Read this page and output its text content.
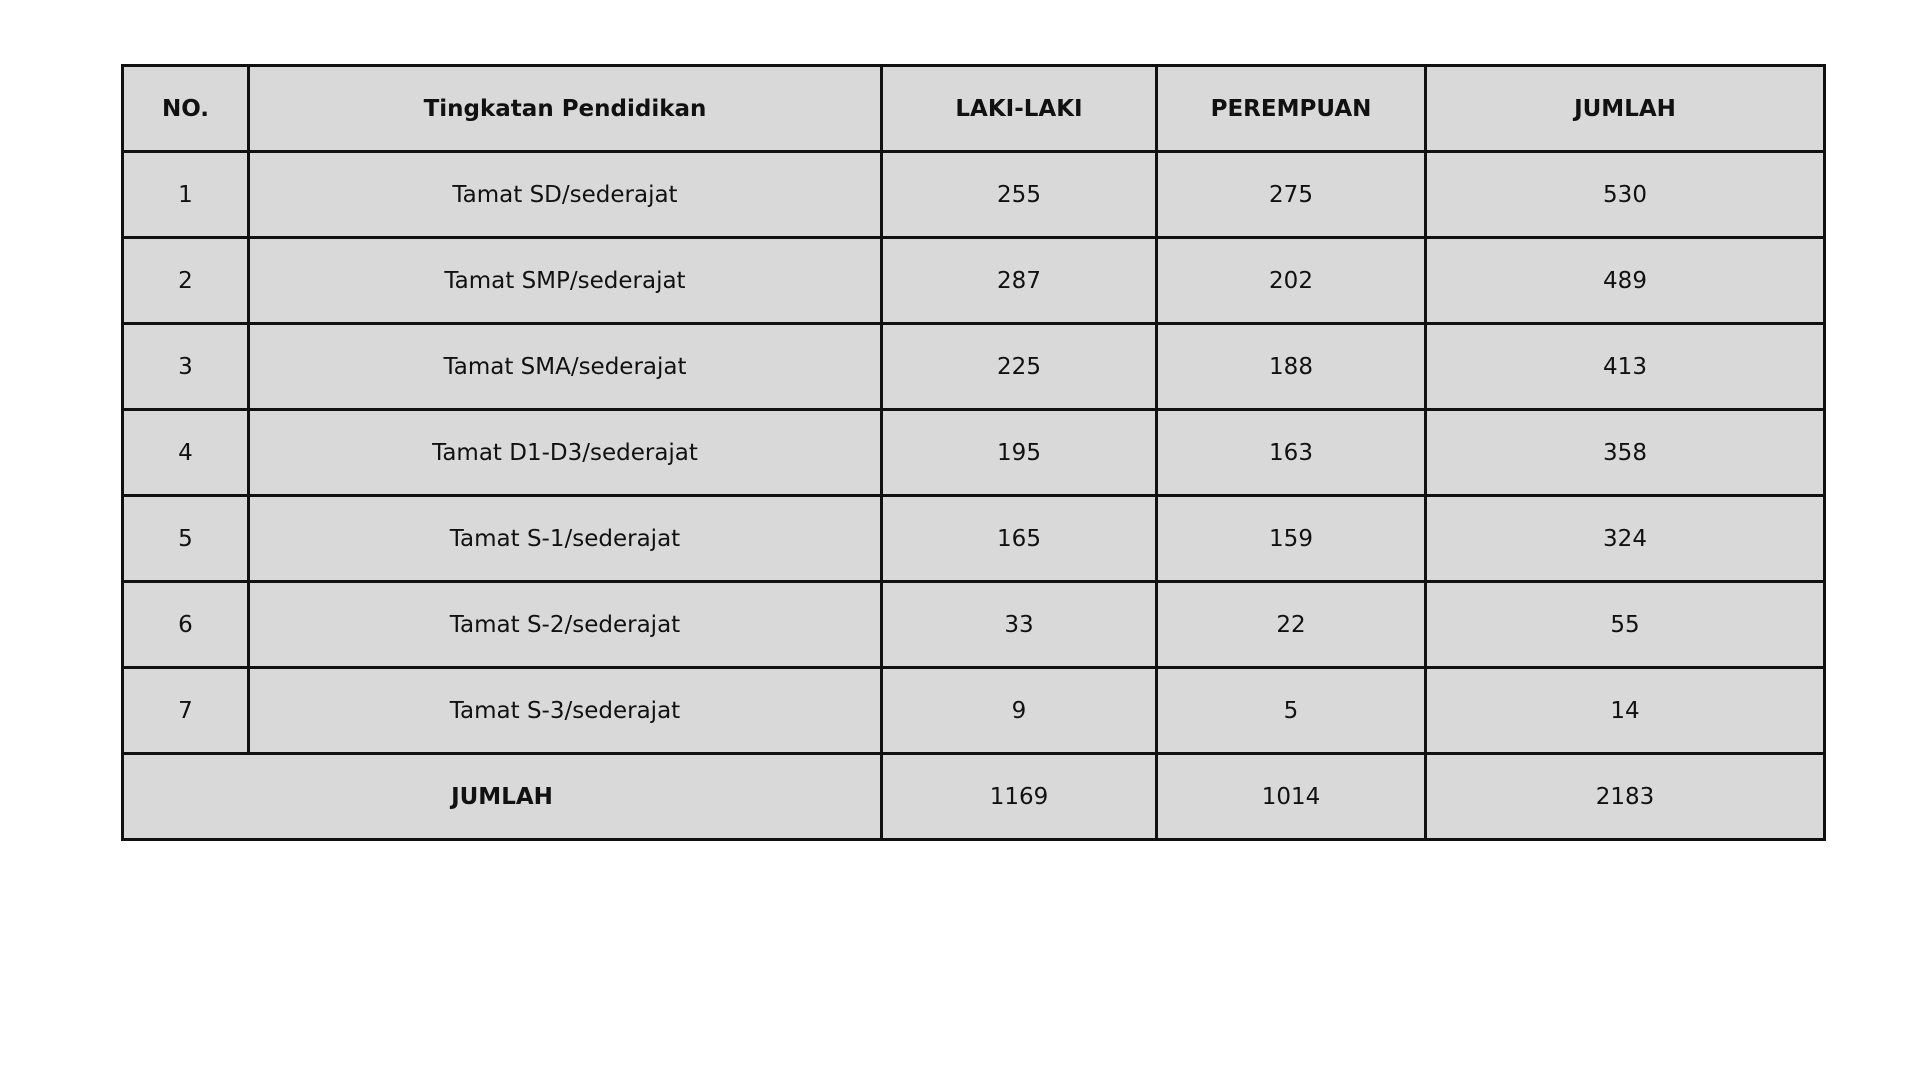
NO.	Tingkatan Pendidikan	LAKI-LAKI	PEREMPUAN	JUMLAH
1	Tamat SD/sederajat	255	275	530
2	Tamat SMP/sederajat	287	202	489
3	Tamat SMA/sederajat	225	188	413
4	Tamat D1-D3/sederajat	195	163	358
5	Tamat S-1/sederajat	165	159	324
6	Tamat S-2/sederajat	33	22	55
7	Tamat S-3/sederajat	9	5	14
JUMLAH		1169	1014	2183
